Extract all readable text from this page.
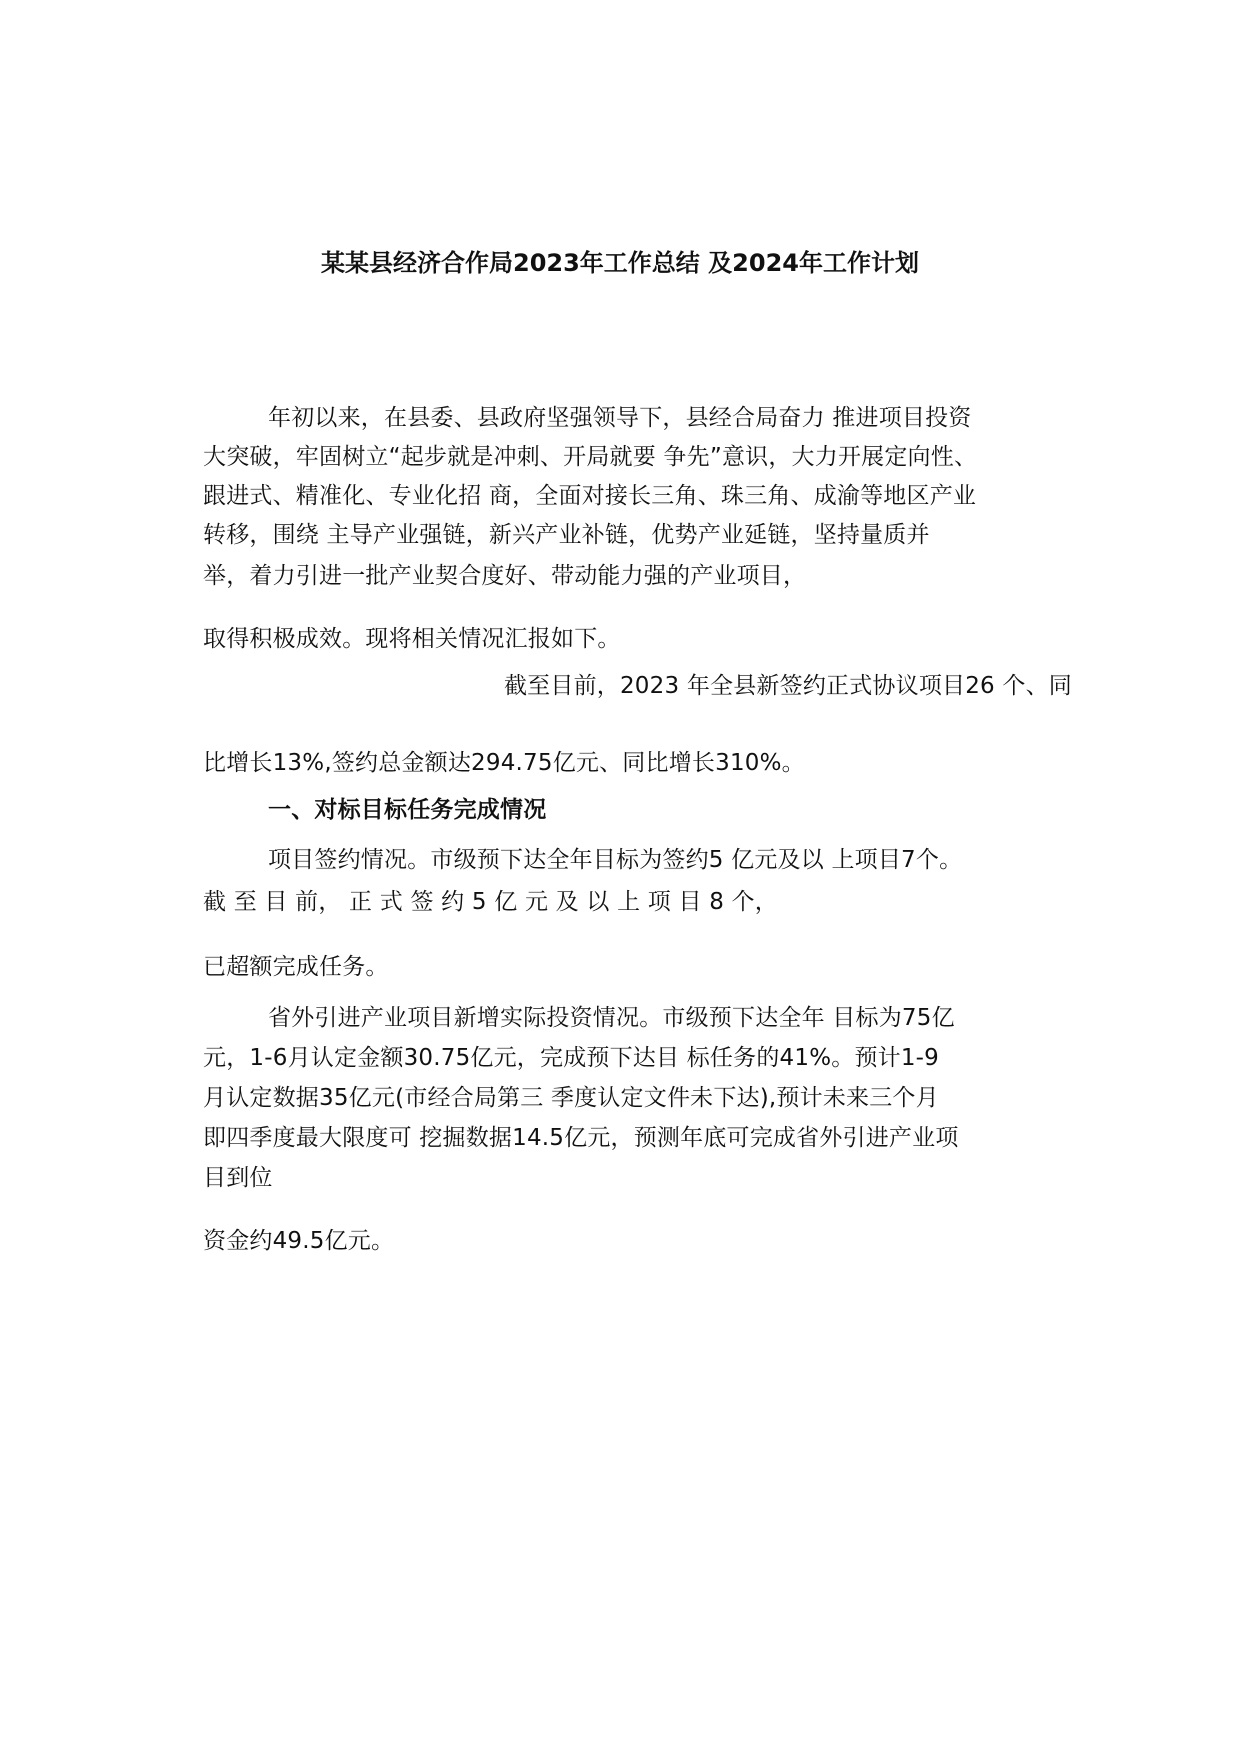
某某县经济合作局2023年工作总结 及2024年工作计划
年初以来，在县委、县政府坚强领导下，县经合局奋力 推进项目投资
大突破，牢固树立“起步就是冲刺、开局就要 争先”意识，大力开展定向性、
跟进式、精准化、专业化招 商，全面对接长三角、珠三角、成渝等地区产业
转移，围绕 主导产业强链，新兴产业补链，优势产业延链，坚持量质并
举，着力引进一批产业契合度好、带动能力强的产业项目，
取得积极成效。现将相关情况汇报如下。
截至目前，2023 年全县新签约正式协议项目26 个、同
比增长13%,签约总金额达294.75亿元、同比增长310%。
一、对标目标任务完成情况
项目签约情况。市级预下达全年目标为签约5 亿元及以 上项目7个。
截 至 目 前， 正 式 签 约 5 亿 元 及 以 上 项 目 8 个，
已超额完成任务。
省外引进产业项目新增实际投资情况。市级预下达全年 目标为75亿
元，1-6月认定金额30.75亿元，完成预下达目 标任务的41%。预计1-9
月认定数据35亿元(市经合局第三 季度认定文件未下达),预计未来三个月
即四季度最大限度可 挖掘数据14.5亿元，预测年底可完成省外引进产业项
目到位
资金约49.5亿元。
